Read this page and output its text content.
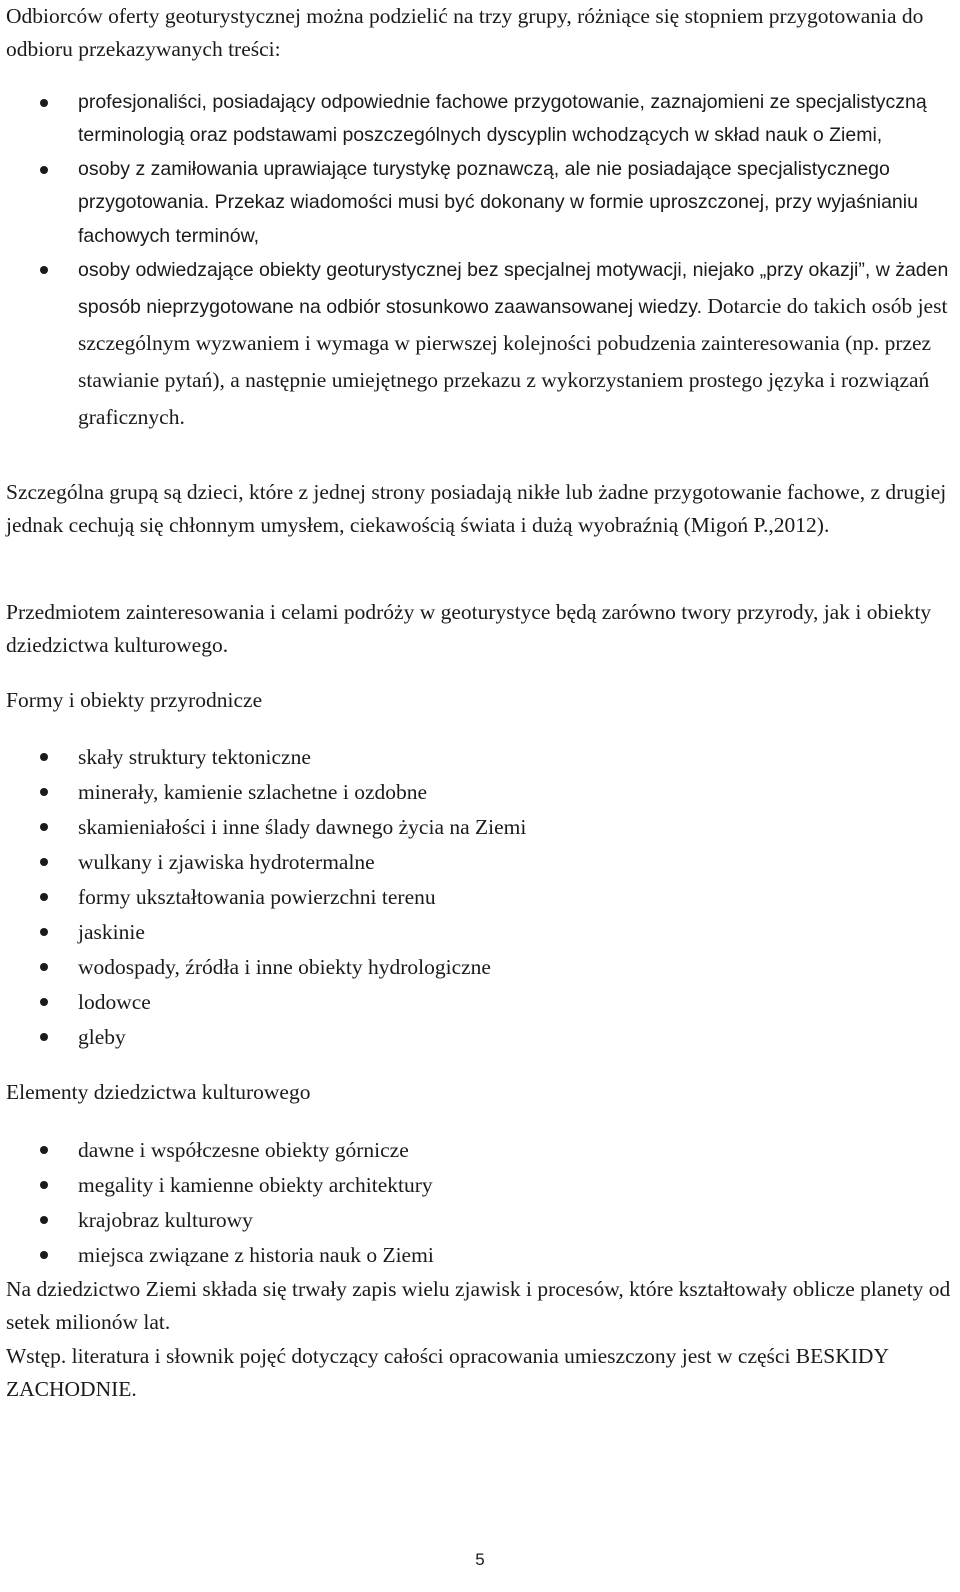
Odbiorców oferty geoturystycznej można podzielić na trzy grupy, różniące się stopniem przygotowania do odbioru przekazywanych treści:

profesjonaliści, posiadający odpowiednie fachowe przygotowanie, zaznajomieni ze specjalistyczną terminologią oraz podstawami poszczególnych dyscyplin wchodzących w skład nauk o Ziemi,
osoby z zamiłowania uprawiające turystykę poznawczą, ale nie posiadające specjalistycznego przygotowania. Przekaz wiadomości musi być dokonany w formie uproszczonej, przy wyjaśnianiu fachowych terminów,
osoby odwiedzające obiekty geoturystycznej bez specjalnej motywacji, niejako „przy okazji”, w żaden sposób nieprzygotowane na odbiór stosunkowo zaawansowanej wiedzy. Dotarcie do takich osób jest szczególnym wyzwaniem i wymaga w pierwszej kolejności pobudzenia zainteresowania (np. przez stawianie pytań), a następnie umiejętnego przekazu z wykorzystaniem prostego języka i rozwiązań graficznych.

Szczególna grupą są dzieci, które z jednej strony posiadają nikłe lub żadne przygotowanie fachowe, z drugiej jednak cechują się chłonnym umysłem, ciekawością świata i dużą wyobraźnią (Migoń P.,2012).

Przedmiotem zainteresowania i celami podróży w geoturystyce będą zarówno twory przyrody, jak i obiekty dziedzictwa kulturowego.

Formy i obiekty przyrodnicze

skały struktury tektoniczne
minerały, kamienie szlachetne i ozdobne
skamieniałości i inne ślady dawnego życia na Ziemi
wulkany i zjawiska hydrotermalne
formy ukształtowania powierzchni terenu
jaskinie
wodospady, źródła i inne obiekty hydrologiczne
lodowce
gleby

Elementy dziedzictwa kulturowego

dawne i współczesne obiekty górnicze
megality i kamienne obiekty architektury
krajobraz kulturowy
miejsca związane z historia nauk o Ziemi

Na dziedzictwo Ziemi składa się trwały zapis wielu zjawisk i procesów, które kształtowały oblicze planety od setek milionów lat.

Wstęp. literatura i słownik pojęć dotyczący całości opracowania umieszczony jest w części BESKIDY ZACHODNIE.

5
